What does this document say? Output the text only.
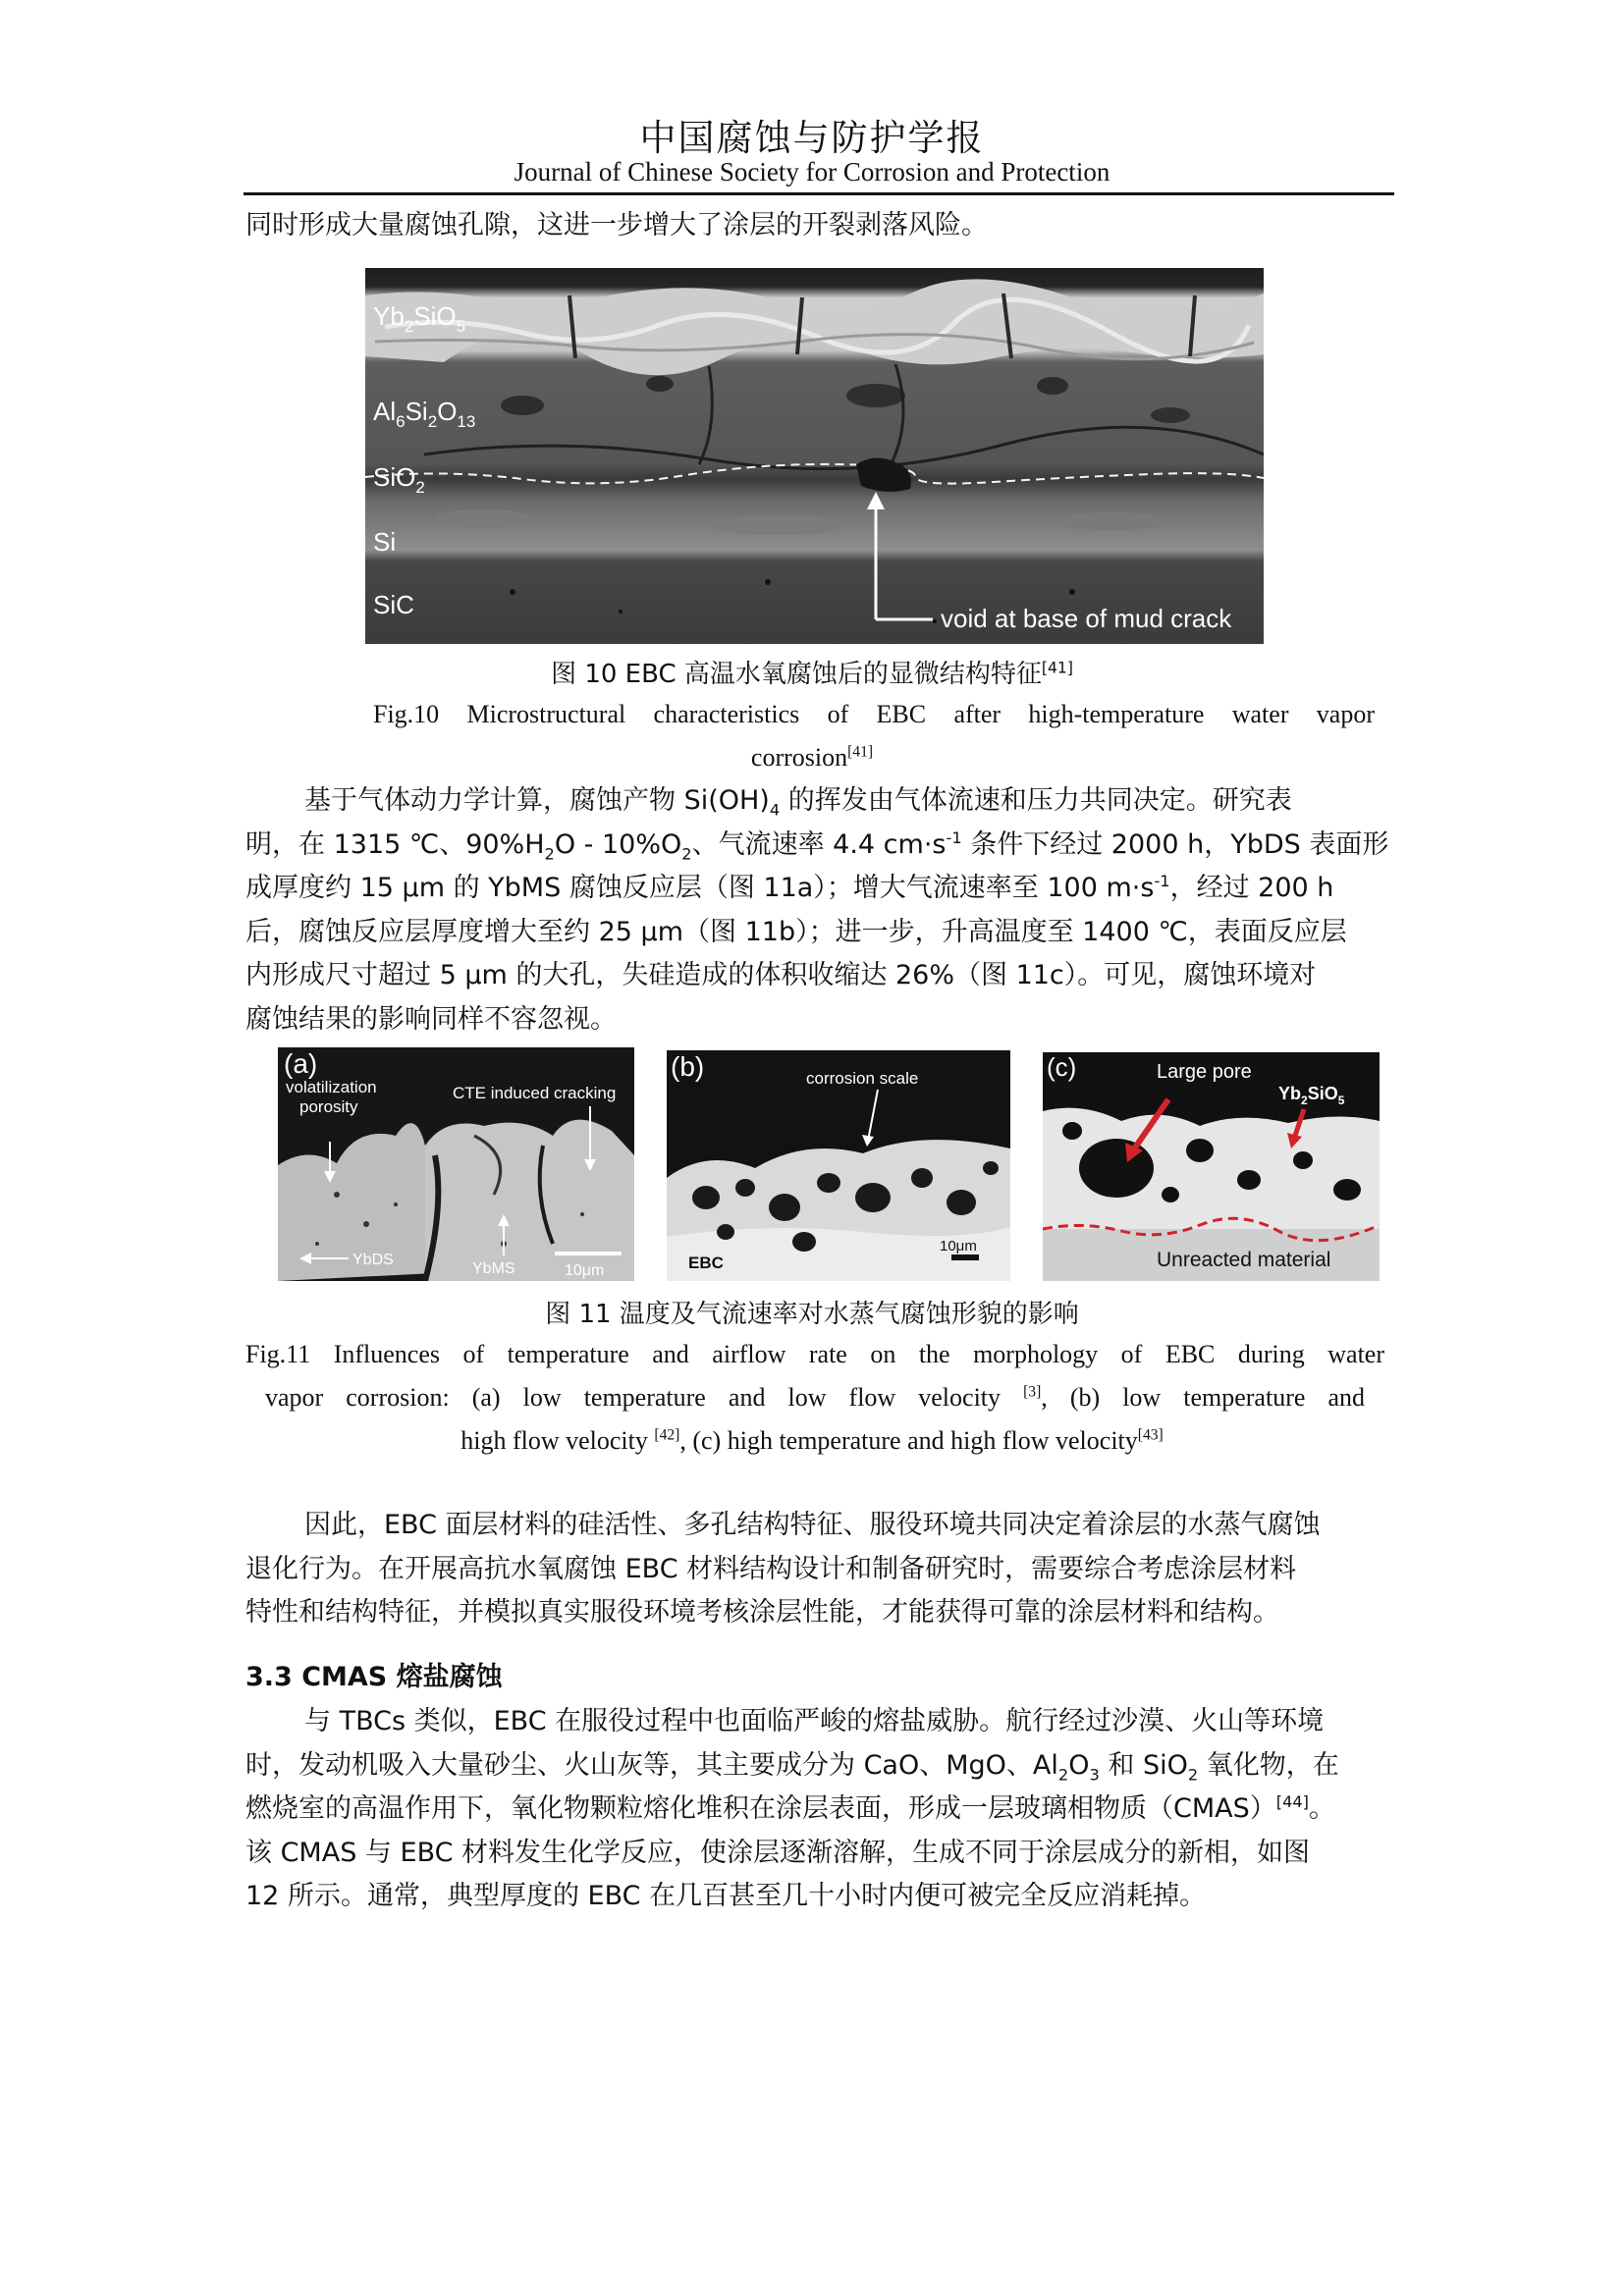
中国腐蚀与防护学报
Journal of Chinese Society for Corrosion and Protection
同时形成大量腐蚀孔隙，这进一步增大了涂层的开裂剥落风险。
$Yb_2SiO_5$
$Al_6Si_2O_{13}$
SiO$_2$
Si
SiC	void at base of mud crack
图 10 EBC 高温水氧腐蚀后的显微结构特征[41]
Fig.10 Microstructural characteristics of EBC after high-temperature water vapor
corrosion[41]
基于气体动力学计算，腐蚀产物 $Si(OH)_4$ 的挥发由气体流速和压力共同决定。研究表
明，在 1315 ℃、$90\%H_2O - 10\%O_2$、气流速率 4.4 $cm\cdot s^{-1}$ 条件下经过 2000 h，YbDS 表面形
成厚度约 15 μm 的 YbMS 腐蚀反应层（图 11a）；增大气流速率至 100 $m\cdot s^{-1}$，经过 200 h
后，腐蚀反应层厚度增大至约 25 μm（图 11b）；进一步，升高温度至 1400 ℃，表面反应层
内形成尺寸超过 5 μm 的大孔，失硅造成的体积收缩达 26%（图 11c）。可见，腐蚀环境对
腐蚀结果的影响同样不容忽视。
(a)
volatilization
porosity
CTE induced cracking
YbDS
YbMS	10μm
(b)	corrosion scale
EBC
10μm
(c)	Large pore
$Yb_2SiO_5$
Unreacted material
图 11 温度及气流速率对水蒸气腐蚀形貌的影响
Fig.11 Influences of temperature and airflow rate on the morphology of EBC during water
vapor corrosion: (a) low temperature and low flow velocity [3], (b) low temperature and
high flow velocity [42], (c) high temperature and high flow velocity[43]
因此，EBC 面层材料的硅活性、多孔结构特征、服役环境共同决定着涂层的水蒸气腐蚀
退化行为。在开展高抗水氧腐蚀 EBC 材料结构设计和制备研究时，需要综合考虑涂层材料
特性和结构特征，并模拟真实服役环境考核涂层性能，才能获得可靠的涂层材料和结构。
3.3 CMAS 熔盐腐蚀
与 TBCs 类似，EBC 在服役过程中也面临严峻的熔盐威胁。航行经过沙漠、火山等环境
时，发动机吸入大量砂尘、火山灰等，其主要成分为 CaO、MgO、$Al_2O_3$ 和 SiO$_2$ 氧化物，在
燃烧室的高温作用下，氧化物颗粒熔化堆积在涂层表面，形成一层玻璃相物质（CMAS）[44]。
该 CMAS 与 EBC 材料发生化学反应，使涂层逐渐溶解，生成不同于涂层成分的新相，如图
12 所示。通常，典型厚度的 EBC 在几百甚至几十小时内便可被完全反应消耗掉。
